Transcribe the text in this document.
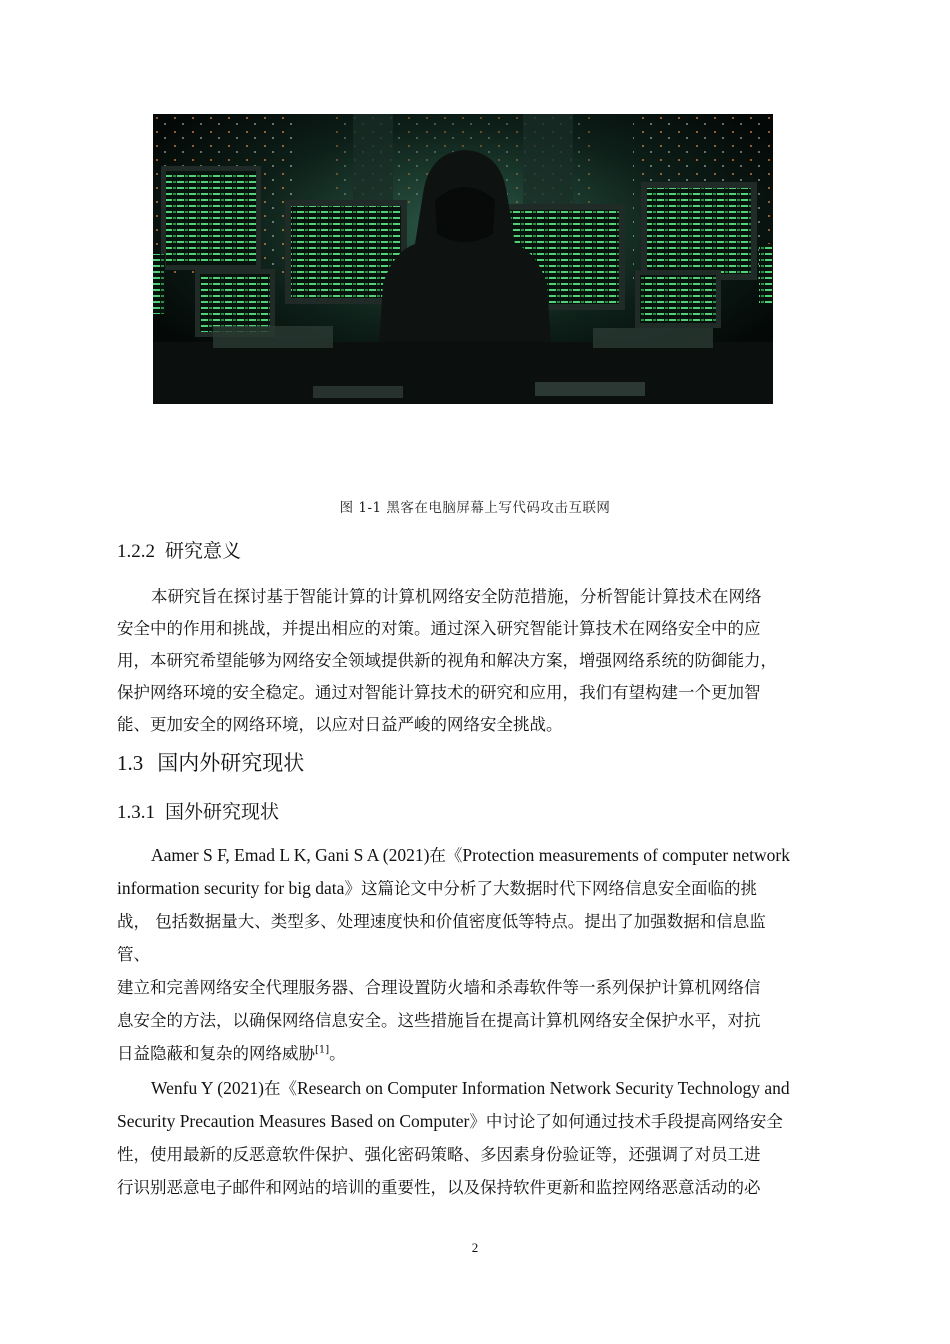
图 1-1 黑客在电脑屏幕上写代码攻击互联网
1.2.2 研究意义
本研究旨在探讨基于智能计算的计算机网络安全防范措施，分析智能计算技术在网络
安全中的作用和挑战，并提出相应的对策。通过深入研究智能计算技术在网络安全中的应
用，本研究希望能够为网络安全领域提供新的视角和解决方案，增强网络系统的防御能力，
保护网络环境的安全稳定。通过对智能计算技术的研究和应用，我们有望构建一个更加智
能、更加安全的网络环境，以应对日益严峻的网络安全挑战。
1.3 国内外研究现状
1.3.1 国外研究现状
Aamer S F, Emad L K, Gani S A (2021)在《Protection measurements of computer network
information security for big data》这篇论文中分析了大数据时代下网络信息安全面临的挑
战， 包括数据量大、类型多、处理速度快和价值密度低等特点。提出了加强数据和信息监
管、
建立和完善网络安全代理服务器、合理设置防火墙和杀毒软件等一系列保护计算机网络信
息安全的方法，以确保网络信息安全。这些措施旨在提高计算机网络安全保护水平，对抗
日益隐蔽和复杂的网络威胁[1]。
Wenfu Y (2021)在《Research on Computer Information Network Security Technology and
Security Precaution Measures Based on Computer》中讨论了如何通过技术手段提高网络安全
性，使用最新的反恶意软件保护、强化密码策略、多因素身份验证等，还强调了对员工进
行识别恶意电子邮件和网站的培训的重要性，以及保持软件更新和监控网络恶意活动的必
2
